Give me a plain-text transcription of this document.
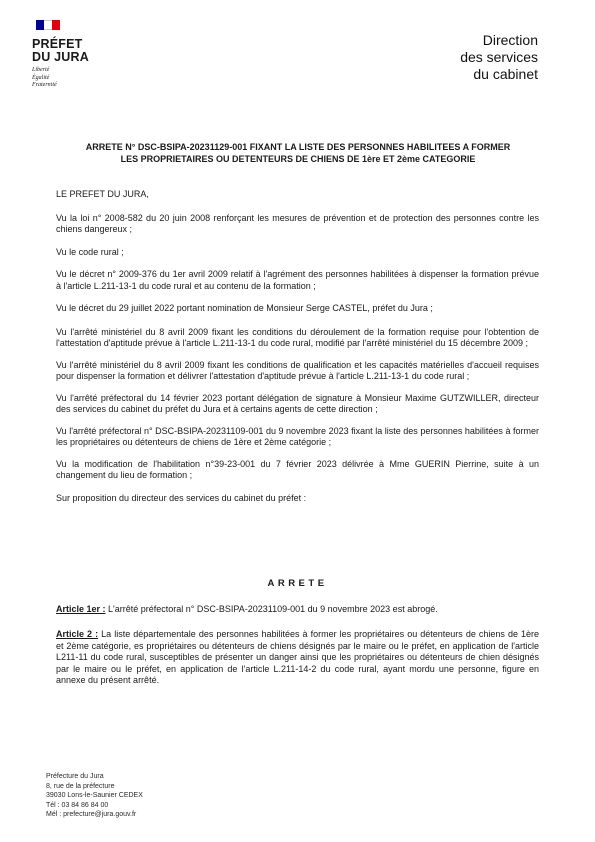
PRÉFET
DU JURA
Liberté
Égalité
Fraternité
Direction
des services
du cabinet
ARRETE N° DSC-BSIPA-20231129-001 FIXANT LA LISTE DES PERSONNES HABILITEES A FORMER
LES PROPRIETAIRES OU DETENTEURS DE CHIENS DE 1ère ET 2ème CATEGORIE

LE PREFET DU JURA,

Vu la loi n° 2008-582 du 20 juin 2008 renforçant les mesures de prévention et de protection des personnes contre les chiens dangereux ;

Vu le code rural ;

Vu le décret n° 2009-376 du 1er avril 2009 relatif à l'agrément des personnes habilitées à dispenser la formation prévue à l'article L.211-13-1 du code rural et au contenu de la formation ;

Vu le décret du 29 juillet 2022 portant nomination de Monsieur Serge CASTEL, préfet du Jura ;

Vu l'arrêté ministériel du 8 avril 2009 fixant les conditions du déroulement de la formation requise pour l'obtention de l'attestation d'aptitude prévue à l'article L.211-13-1 du code rural, modifié par l'arrêté ministériel du 15 décembre 2009 ;

Vu l'arrêté ministériel du 8 avril 2009 fixant les conditions de qualification et les capacités matérielles d'accueil requises pour dispenser la formation et délivrer l'attestation d'aptitude prévue à l'article L.211-13-1 du code rural ;

Vu l'arrêté préfectoral du 14 février 2023 portant délégation de signature à Monsieur Maxime GUTZWILLER, directeur des services du cabinet du préfet du Jura et à certains agents de cette direction ;

Vu l'arrêté préfectoral n° DSC-BSIPA-20231109-001 du 9 novembre 2023 fixant la liste des personnes habilitées à former les propriétaires ou détenteurs de chiens de 1ère et 2ème catégorie ;

Vu la modification de l'habilitation n°39-23-001 du 7 février 2023 délivrée à Mme GUERIN Pierrine, suite à un changement du lieu de formation ;

Sur proposition du directeur des services du cabinet du préfet :

ARRETE
Article 1er : L'arrêté préfectoral n° DSC-BSIPA-20231109-001 du 9 novembre 2023 est abrogé.
Article 2 : La liste départementale des personnes habilitées à former les propriétaires ou détenteurs de chiens de 1ère et 2ème catégorie, es propriétaires ou détenteurs de chiens désignés par le maire ou le préfet, en application de l'article L211-11 du code rural, susceptibles de présenter un danger ainsi que les propriétaires ou détenteurs de chien désignés par le maire ou le préfet, en application de l'article L.211-14-2 du code rural, ayant mordu une personne, figure en annexe du présent arrêté.
Préfecture du Jura
8, rue de la préfecture
39030 Lons-le-Saunier CEDEX
Tél : 03 84 86 84 00
Mél : prefecture@jura.gouv.fr
